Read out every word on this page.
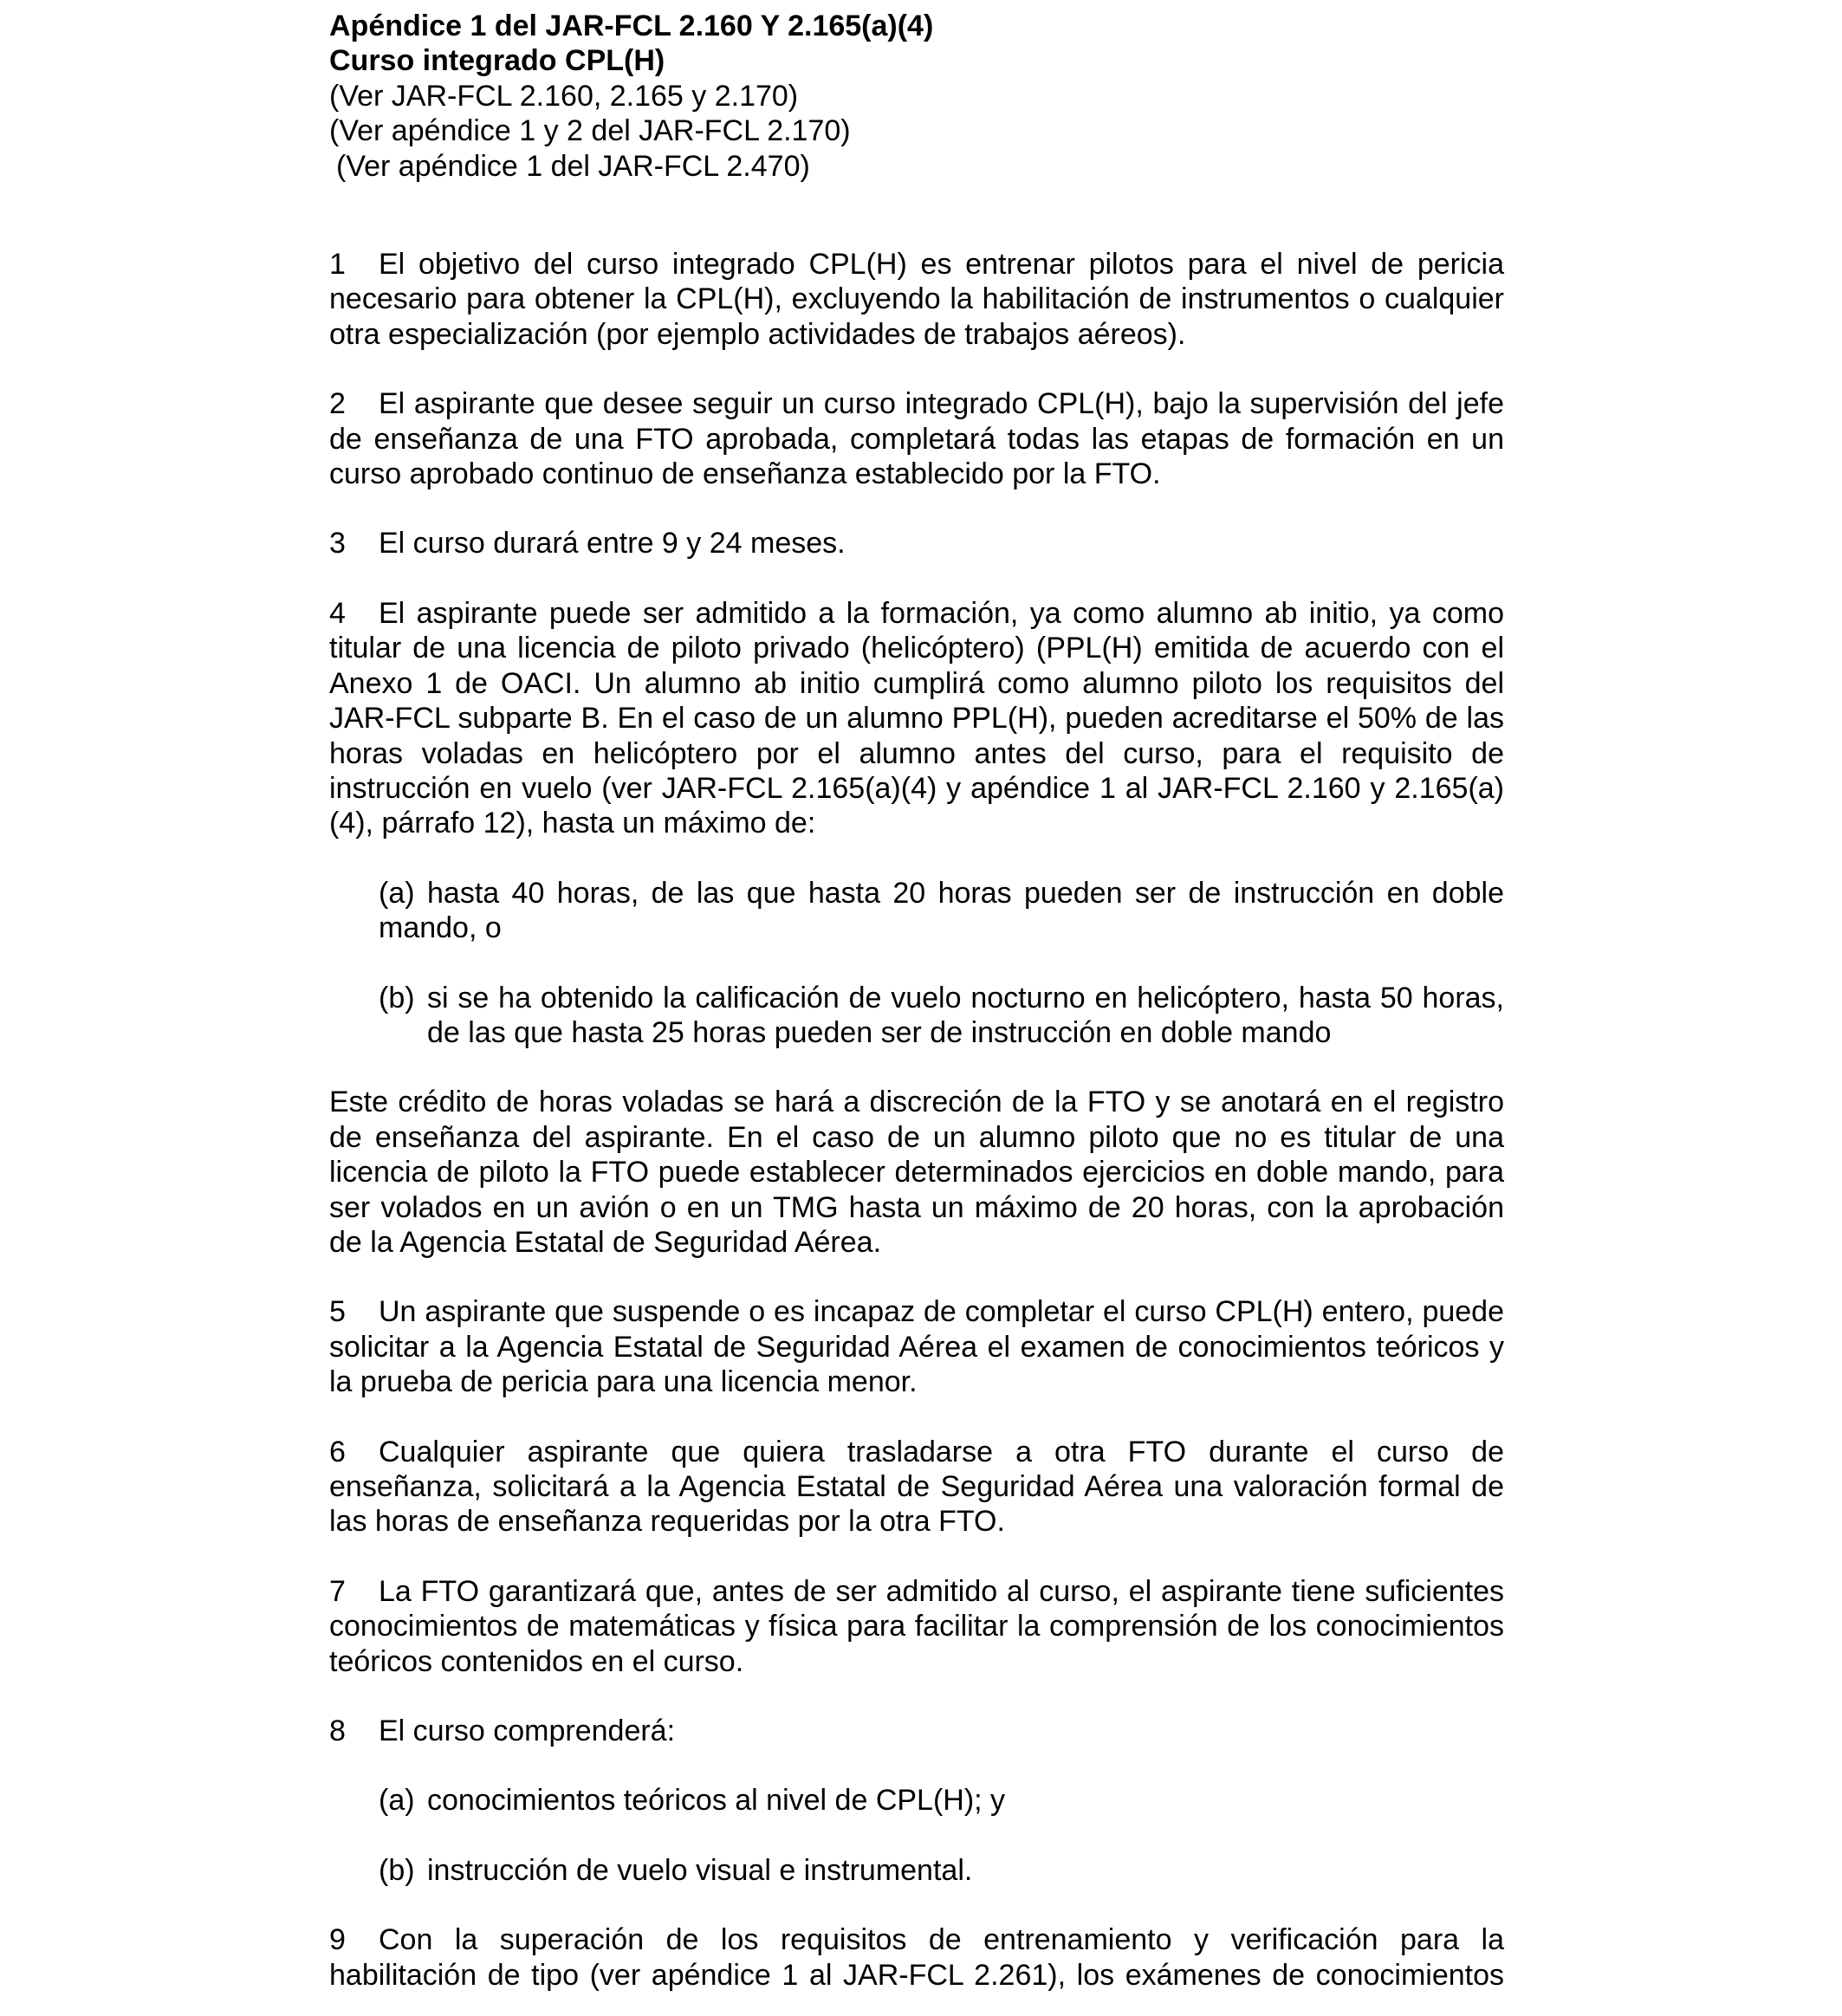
Apéndice 1 del JAR-FCL 2.160 Y 2.165(a)(4)
Curso integrado CPL(H)
(Ver JAR-FCL 2.160, 2.165 y 2.170)
(Ver apéndice 1 y 2 del JAR-FCL 2.170)
(Ver apéndice 1 del JAR-FCL 2.470)

1 El objetivo del curso integrado CPL(H) es entrenar pilotos para el nivel de pericia necesario para obtener la CPL(H), excluyendo la habilitación de instrumentos o cualquier otra especialización (por ejemplo actividades de trabajos aéreos).

2 El aspirante que desee seguir un curso integrado CPL(H), bajo la supervisión del jefe de enseñanza de una FTO aprobada, completará todas las etapas de formación en un curso aprobado continuo de enseñanza establecido por la FTO.

3 El curso durará entre 9 y 24 meses.

4 El aspirante puede ser admitido a la formación, ya como alumno ab initio, ya como titular de una licencia de piloto privado (helicóptero) (PPL(H) emitida de acuerdo con el Anexo 1 de OACI. Un alumno ab initio cumplirá como alumno piloto los requisitos del JAR-FCL subparte B. En el caso de un alumno PPL(H), pueden acreditarse el 50% de las horas voladas en helicóptero por el alumno antes del curso, para el requisito de instrucción en vuelo (ver JAR-FCL 2.165(a)(4) y apéndice 1 al JAR-FCL 2.160 y 2.165(a)(4), párrafo 12), hasta un máximo de:

(a) hasta 40 horas, de las que hasta 20 horas pueden ser de instrucción en doble mando, o

(b) si se ha obtenido la calificación de vuelo nocturno en helicóptero, hasta 50 horas, de las que hasta 25 horas pueden ser de instrucción en doble mando

Este crédito de horas voladas se hará a discreción de la FTO y se anotará en el registro de enseñanza del aspirante. En el caso de un alumno piloto que no es titular de una licencia de piloto la FTO puede establecer determinados ejercicios en doble mando, para ser volados en un avión o en un TMG hasta un máximo de 20 horas, con la aprobación de la Agencia Estatal de Seguridad Aérea.

5 Un aspirante que suspende o es incapaz de completar el curso CPL(H) entero, puede solicitar a la Agencia Estatal de Seguridad Aérea el examen de conocimientos teóricos y la prueba de pericia para una licencia menor.

6 Cualquier aspirante que quiera trasladarse a otra FTO durante el curso de enseñanza, solicitará a la Agencia Estatal de Seguridad Aérea una valoración formal de las horas de enseñanza requeridas por la otra FTO.

7 La FTO garantizará que, antes de ser admitido al curso, el aspirante tiene suficientes conocimientos de matemáticas y física para facilitar la comprensión de los conocimientos teóricos contenidos en el curso.

8 El curso comprenderá:

(a) conocimientos teóricos al nivel de CPL(H); y

(b) instrucción de vuelo visual e instrumental.

9 Con la superación de los requisitos de entrenamiento y verificación para la habilitación de tipo (ver apéndice 1 al JAR-FCL 2.261), los exámenes de conocimientos
